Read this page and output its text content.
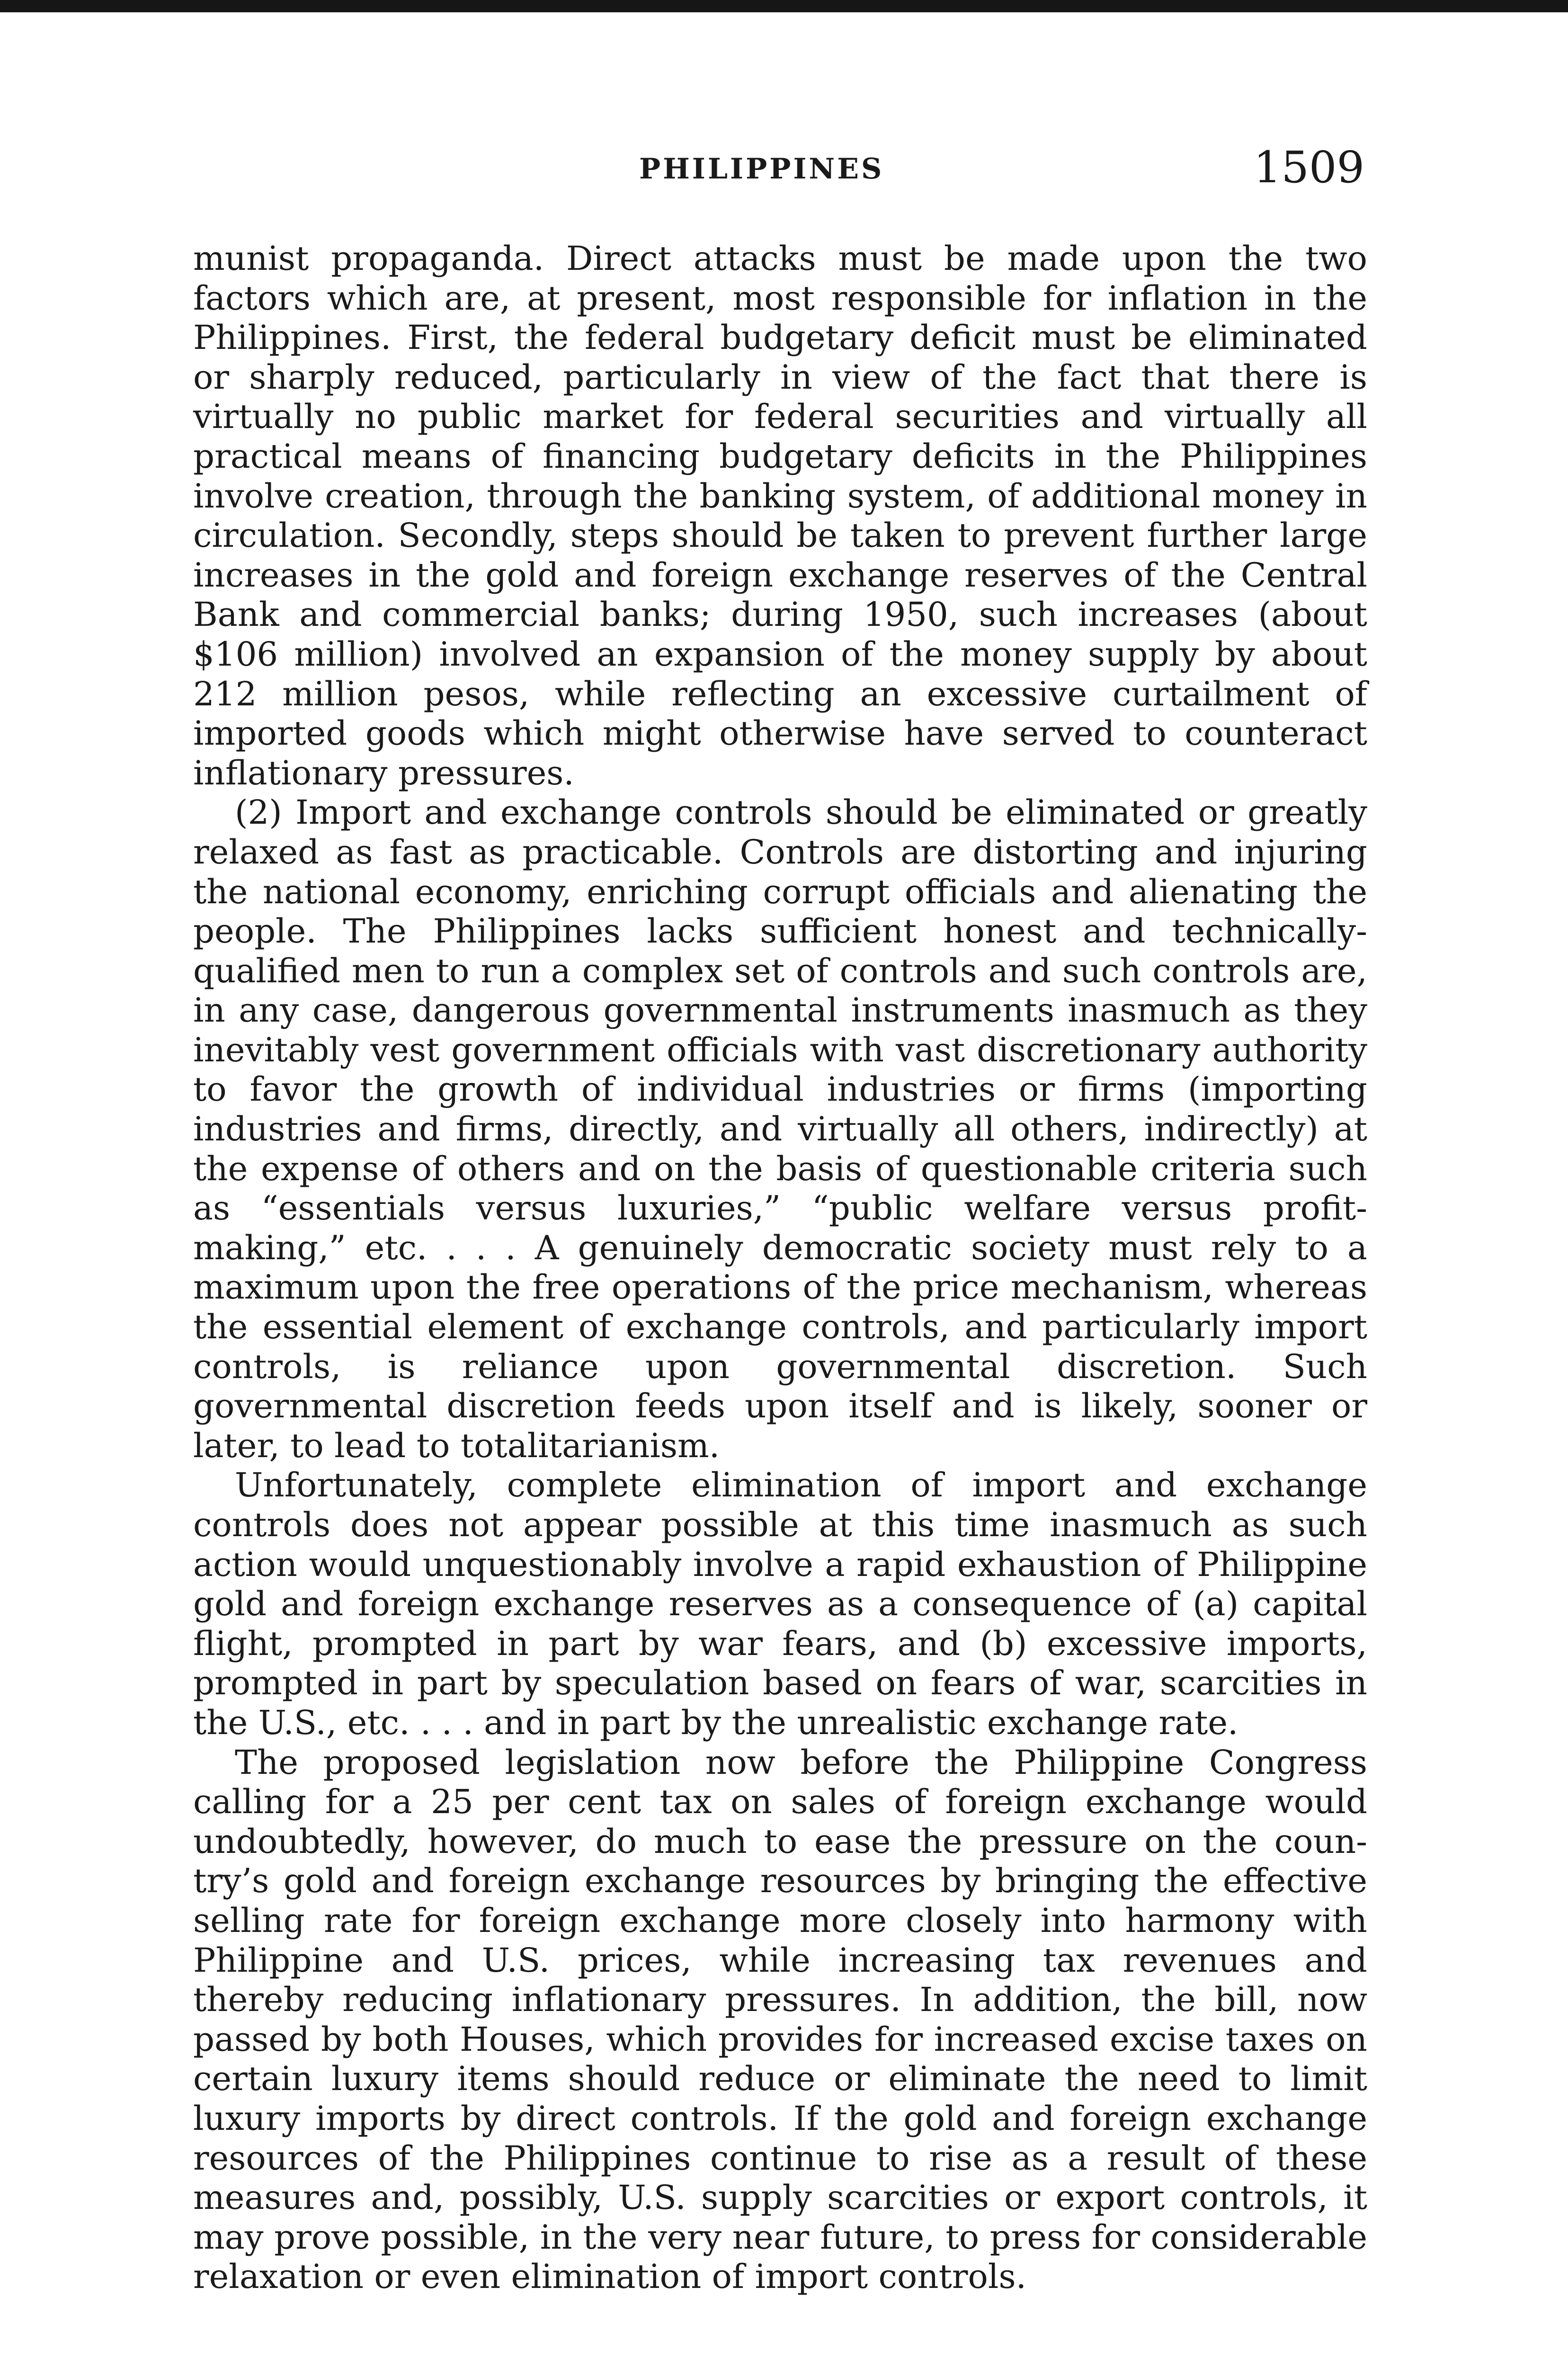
PHILIPPINES	1509

munist propaganda. Direct attacks must be made upon the two factors which are, at present, most responsible for inflation in the Philippines. First, the federal budgetary deficit must be eliminated or sharply reduced, particularly in view of the fact that there is virtually no public market for federal securities and virtually all practical means of financing budgetary deficits in the Philippines involve creation, through the banking system, of additional money in circulation. Secondly, steps should be taken to prevent further large increases in the gold and foreign exchange reserves of the Central Bank and commercial banks; during 1950, such increases (about $106 million) involved an expansion of the money supply by about 212 million pesos, while reflecting an excessive curtailment of imported goods which might otherwise have served to counteract inflationary pressures.

(2) Import and exchange controls should be eliminated or greatly relaxed as fast as practicable. Controls are distorting and injuring the national economy, enriching corrupt officials and alienating the people. The Philippines lacks sufficient honest and technically-qualified men to run a complex set of controls and such controls are, in any case, dangerous governmental instruments inasmuch as they inevitably vest government officials with vast discretionary authority to favor the growth of individual industries or firms (importing industries and firms, directly, and virtually all others, indirectly) at the expense of others and on the basis of questionable criteria such as “essentials versus luxuries,” “public welfare versus profit-making,” etc. . . . A genuinely democratic society must rely to a maximum upon the free operations of the price mechanism, whereas the essential element of exchange controls, and particularly import controls, is reliance upon governmental discretion. Such governmental discretion feeds upon itself and is likely, sooner or later, to lead to totalitarianism.

Unfortunately, complete elimination of import and exchange controls does not appear possible at this time inasmuch as such action would unquestionably involve a rapid exhaustion of Philippine gold and foreign exchange reserves as a consequence of (a) capital flight, prompted in part by war fears, and (b) excessive imports, prompted in part by speculation based on fears of war, scarcities in the U.S., etc. . . . and in part by the unrealistic exchange rate.

The proposed legislation now before the Philippine Congress calling for a 25 per cent tax on sales of foreign exchange would undoubtedly, however, do much to ease the pressure on the country’s gold and foreign exchange resources by bringing the effective selling rate for foreign exchange more closely into harmony with Philippine and U.S. prices, while increasing tax revenues and thereby reducing inflationary pressures. In addition, the bill, now passed by both Houses, which provides for increased excise taxes on certain luxury items should reduce or eliminate the need to limit luxury imports by direct controls. If the gold and foreign exchange resources of the Philippines continue to rise as a result of these measures and, possibly, U.S. supply scarcities or export controls, it may prove possible, in the very near future, to press for considerable relaxation or even elimination of import controls.
